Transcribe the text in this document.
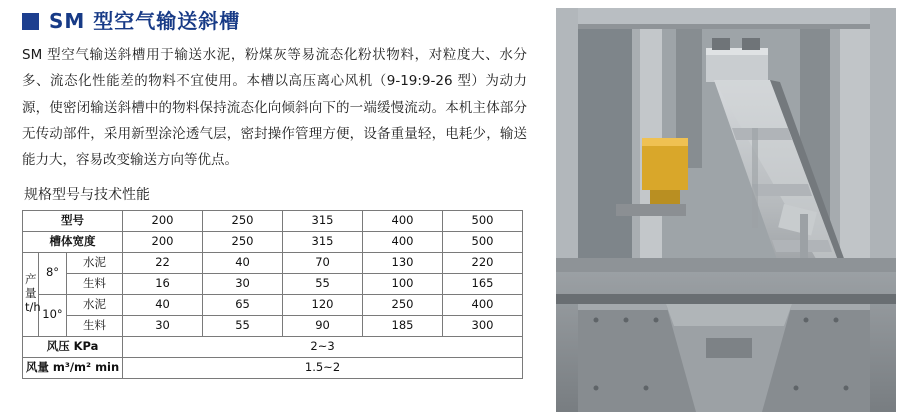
SM 型空气输送斜槽
SM 型空气输送斜槽用于输送水泥，粉煤灰等易流态化粉状物料，对粒度大、水分多、流态化性能差的物料不宜使用。本槽以高压离心风机（9-19:9-26 型）为动力源，使密闭输送斜槽中的物料保持流态化向倾斜向下的一端缓慢流动。本机主体部分无传动部件，采用新型涂沦透气层，密封操作管理方便，设备重量轻，电耗少，输送能力大，容易改变输送方向等优点。
规格型号与技术性能
型号			200	250	315	400	500
槽体宽度			200	250	315	400	500

产量 t/h	8°	水泥	22	40	70	130	220
		生料	16	30	55	100	165
	10°	水泥	40	65	120	250	400
		生料	30	55	90	185	300
风压 KPa			2~3				
风量 m³/m² min			1.5~2				
